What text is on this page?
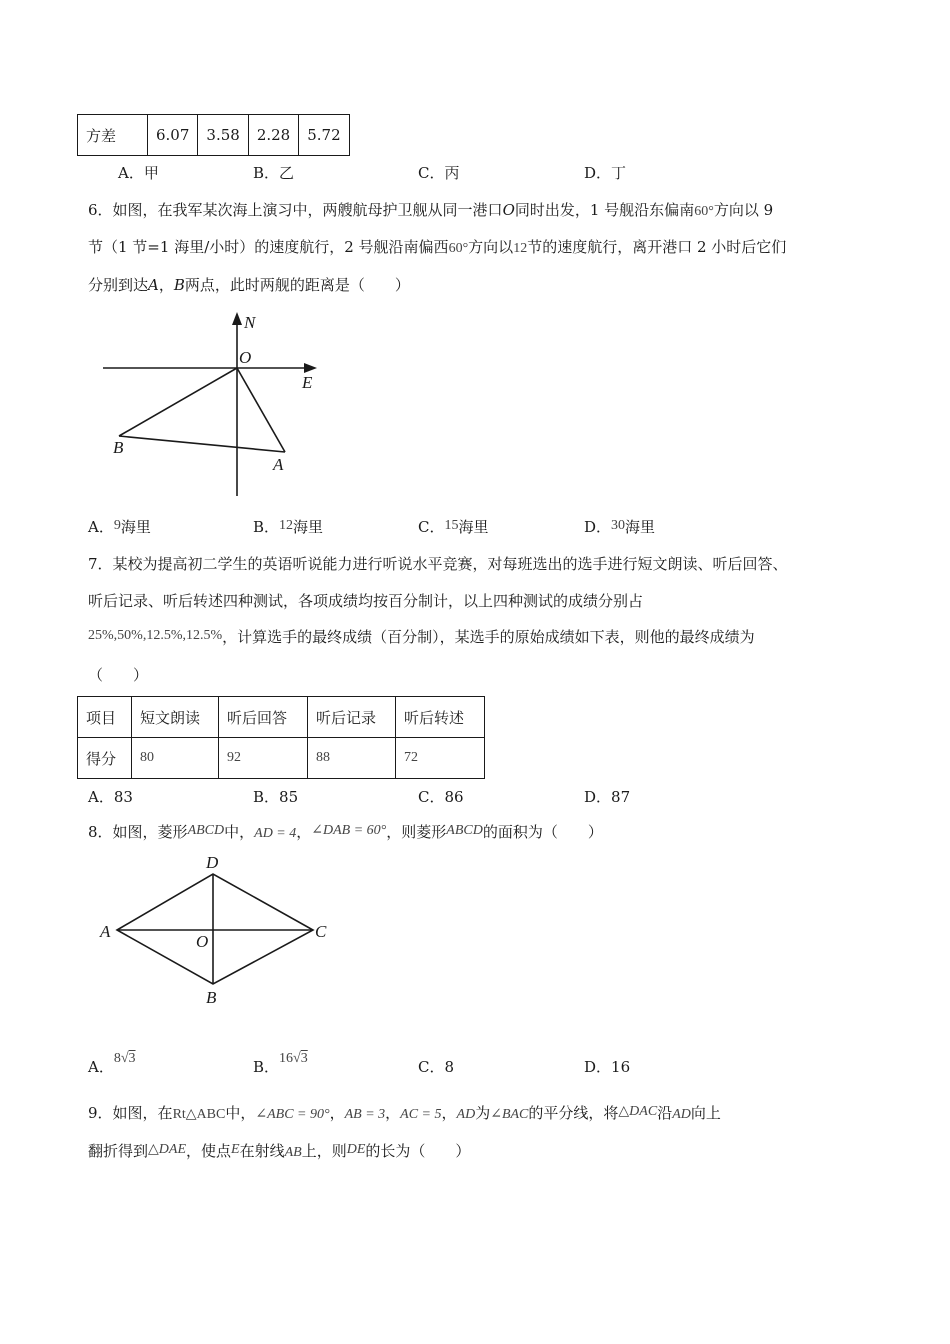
方差	6.07	3.58	2.28	5.72
A．甲	B．乙	C．丙	D．丁
6．如图，在我军某次海上演习中，两艘航母护卫舰从同一港口O同时出发，1 号舰沿东偏南60°方向以 9
节（1 节=1 海里/小时）的速度航行，2 号舰沿南偏西60°方向以12节的速度航行，离开港口 2 小时后它们
分别到达A，B两点，此时两舰的距离是（　　）
N
O
E
B
A
A．9海里	B．12海里	C．15海里	D．30海里
7．某校为提高初二学生的英语听说能力进行听说水平竞赛，对每班选出的选手进行短文朗读、听后回答、
听后记录、听后转述四种测试，各项成绩均按百分制计，以上四种测试的成绩分别占
25%,50%,12.5%,12.5%，计算选手的最终成绩（百分制），某选手的原始成绩如下表，则他的最终成绩为
（　　）
项目	短文朗读	听后回答	听后记录	听后转述
得分	80	92	88	72
A．83	B．85	C．86	D．87
8．如图，菱形ABCD中，AD = 4，∠DAB = 60°，则菱形ABCD的面积为（　　）
D
A
O
C
B
A．8√3	B．16√3	C．8	D．16
9．如图，在Rt△ABC中，∠ABC = 90°，AB = 3，AC = 5，AD为∠BAC的平分线，将△DAC沿AD向上
翻折得到△DAE，使点E在射线AB上，则DE的长为（　　）
